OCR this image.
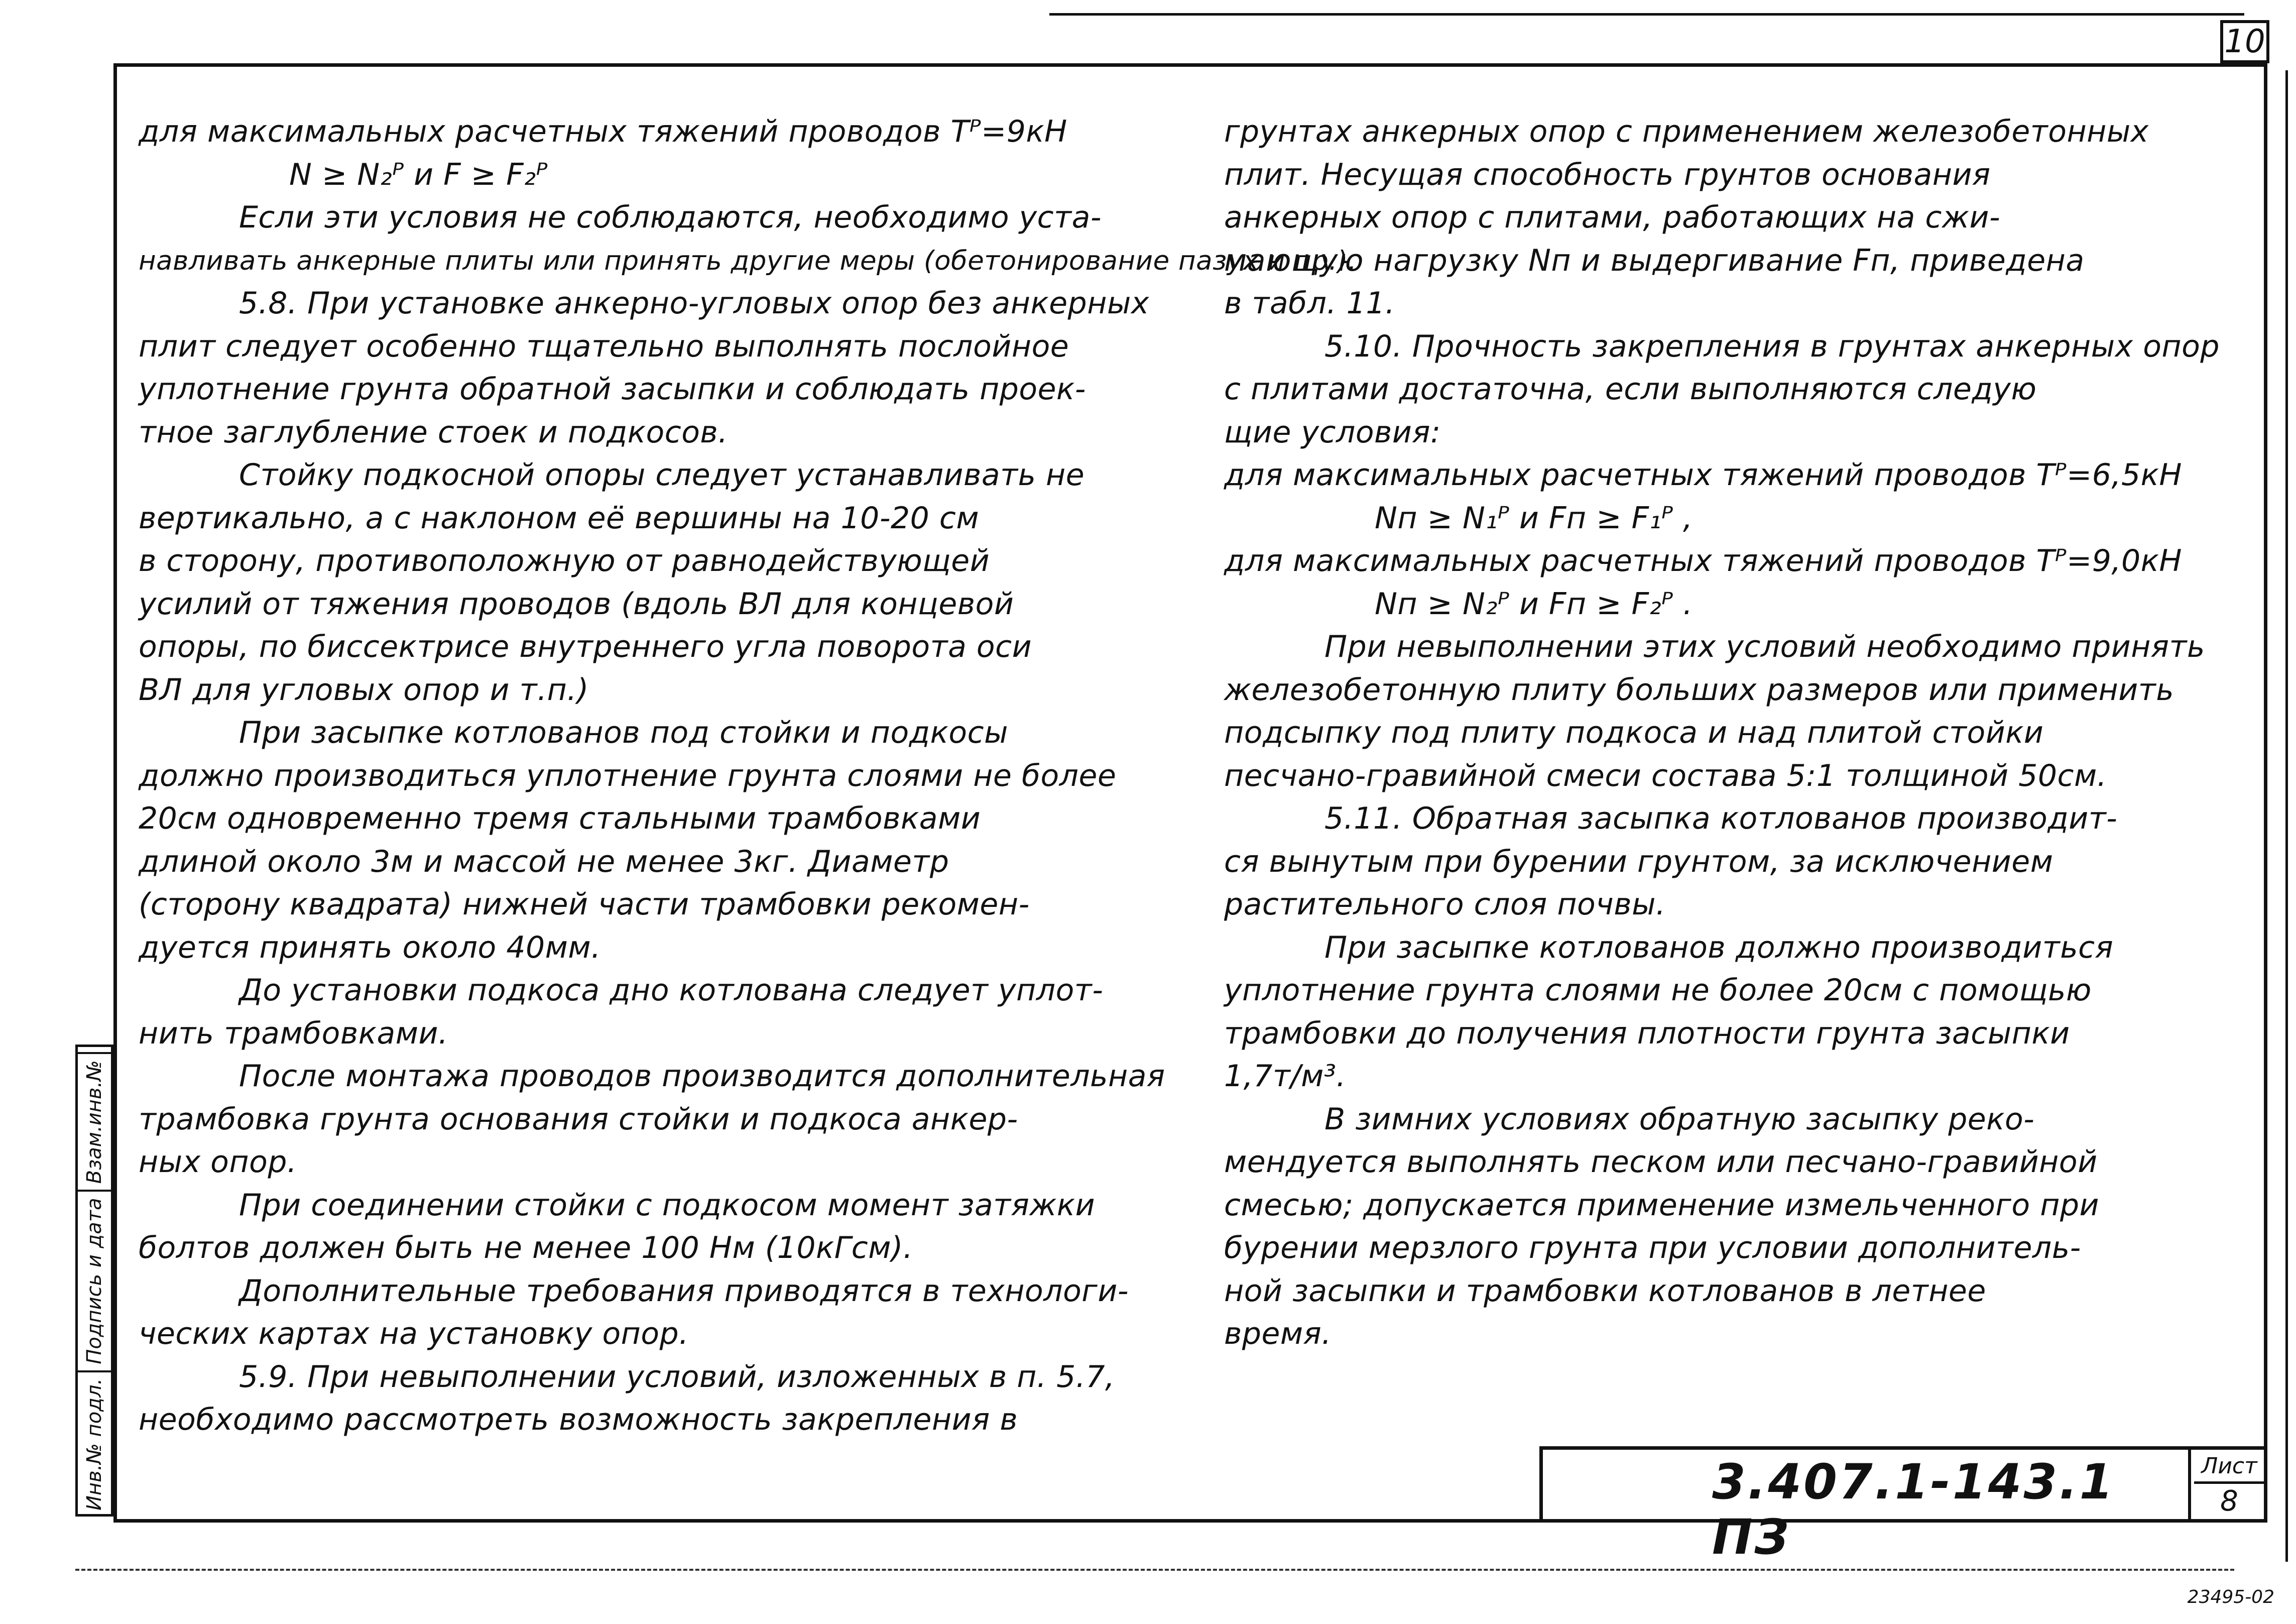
10
для максимальных расчетных тяжений проводов Тᴾ=9кН
N ≥ N₂ᴾ и F ≥ F₂ᴾ
Если эти условия не соблюдаются, необходимо уста-
навливать анкерные плиты или принять другие меры (обетонирование пазух и пр.).
5.8. При установке анкерно-угловых опор без анкерных
плит следует особенно тщательно выполнять послойное
уплотнение грунта обратной засыпки и соблюдать проек-
тное заглубление стоек и подкосов.
Стойку подкосной опоры следует устанавливать не
вертикально, а с наклоном её вершины на 10-20 см
в сторону, противоположную от равнодействующей
усилий от тяжения проводов (вдоль ВЛ для концевой
опоры, по биссектрисе внутреннего угла поворота оси
ВЛ для угловых опор и т.п.)
При засыпке котлованов под стойки и подкосы
должно производиться уплотнение грунта слоями не более
20см одновременно тремя стальными трамбовками
длиной около 3м и массой не менее 3кг. Диаметр
(сторону квадрата) нижней части трамбовки рекомен-
дуется принять около 40мм.
До установки подкоса дно котлована следует уплот-
нить трамбовками.
После монтажа проводов производится дополнительная
трамбовка грунта основания стойки и подкоса анкер-
ных опор.
При соединении стойки с подкосом момент затяжки
болтов должен быть не менее 100 Нм (10кГсм).
Дополнительные требования приводятся в технологи-
ческих картах на установку опор.
5.9. При невыполнении условий, изложенных в п. 5.7,
необходимо рассмотреть возможность закрепления в
грунтах анкерных опор с применением железобетонных
плит. Несущая способность грунтов основания
анкерных опор с плитами, работающих на сжи-
мающую нагрузку Nп и выдергивание Fп, приведена
в табл. 11.
5.10. Прочность закрепления в грунтах анкерных опор
с плитами достаточна, если выполняются следую
щие условия:
для максимальных расчетных тяжений проводов Тᴾ=6,5кН
Nп ≥ N₁ᴾ и Fп ≥ F₁ᴾ ,
для максимальных расчетных тяжений проводов Тᴾ=9,0кН
Nп ≥ N₂ᴾ и Fп ≥ F₂ᴾ .
При невыполнении этих условий необходимо принять
железобетонную плиту больших размеров или применить
подсыпку под плиту подкоса и над плитой стойки
песчано-гравийной смеси состава 5:1 толщиной 50см.
5.11. Обратная засыпка котлованов производит-
ся вынутым при бурении грунтом, за исключением
растительного слоя почвы.
При засыпке котлованов должно производиться
уплотнение грунта слоями не более 20см с помощью
трамбовки до получения плотности грунта засыпки
1,7т/м³.
В зимних условиях обратную засыпку реко-
мендуется выполнять песком или песчано-гравийной
смесью; допускается применение измельченного при
бурении мерзлого грунта при условии дополнитель-
ной засыпки и трамбовки котлованов в летнее
время.
Инв.№ подл.
Подпись и дата
Взам.инв.№
3.407.1-143.1 ПЗ
Лист
8
23495-02
